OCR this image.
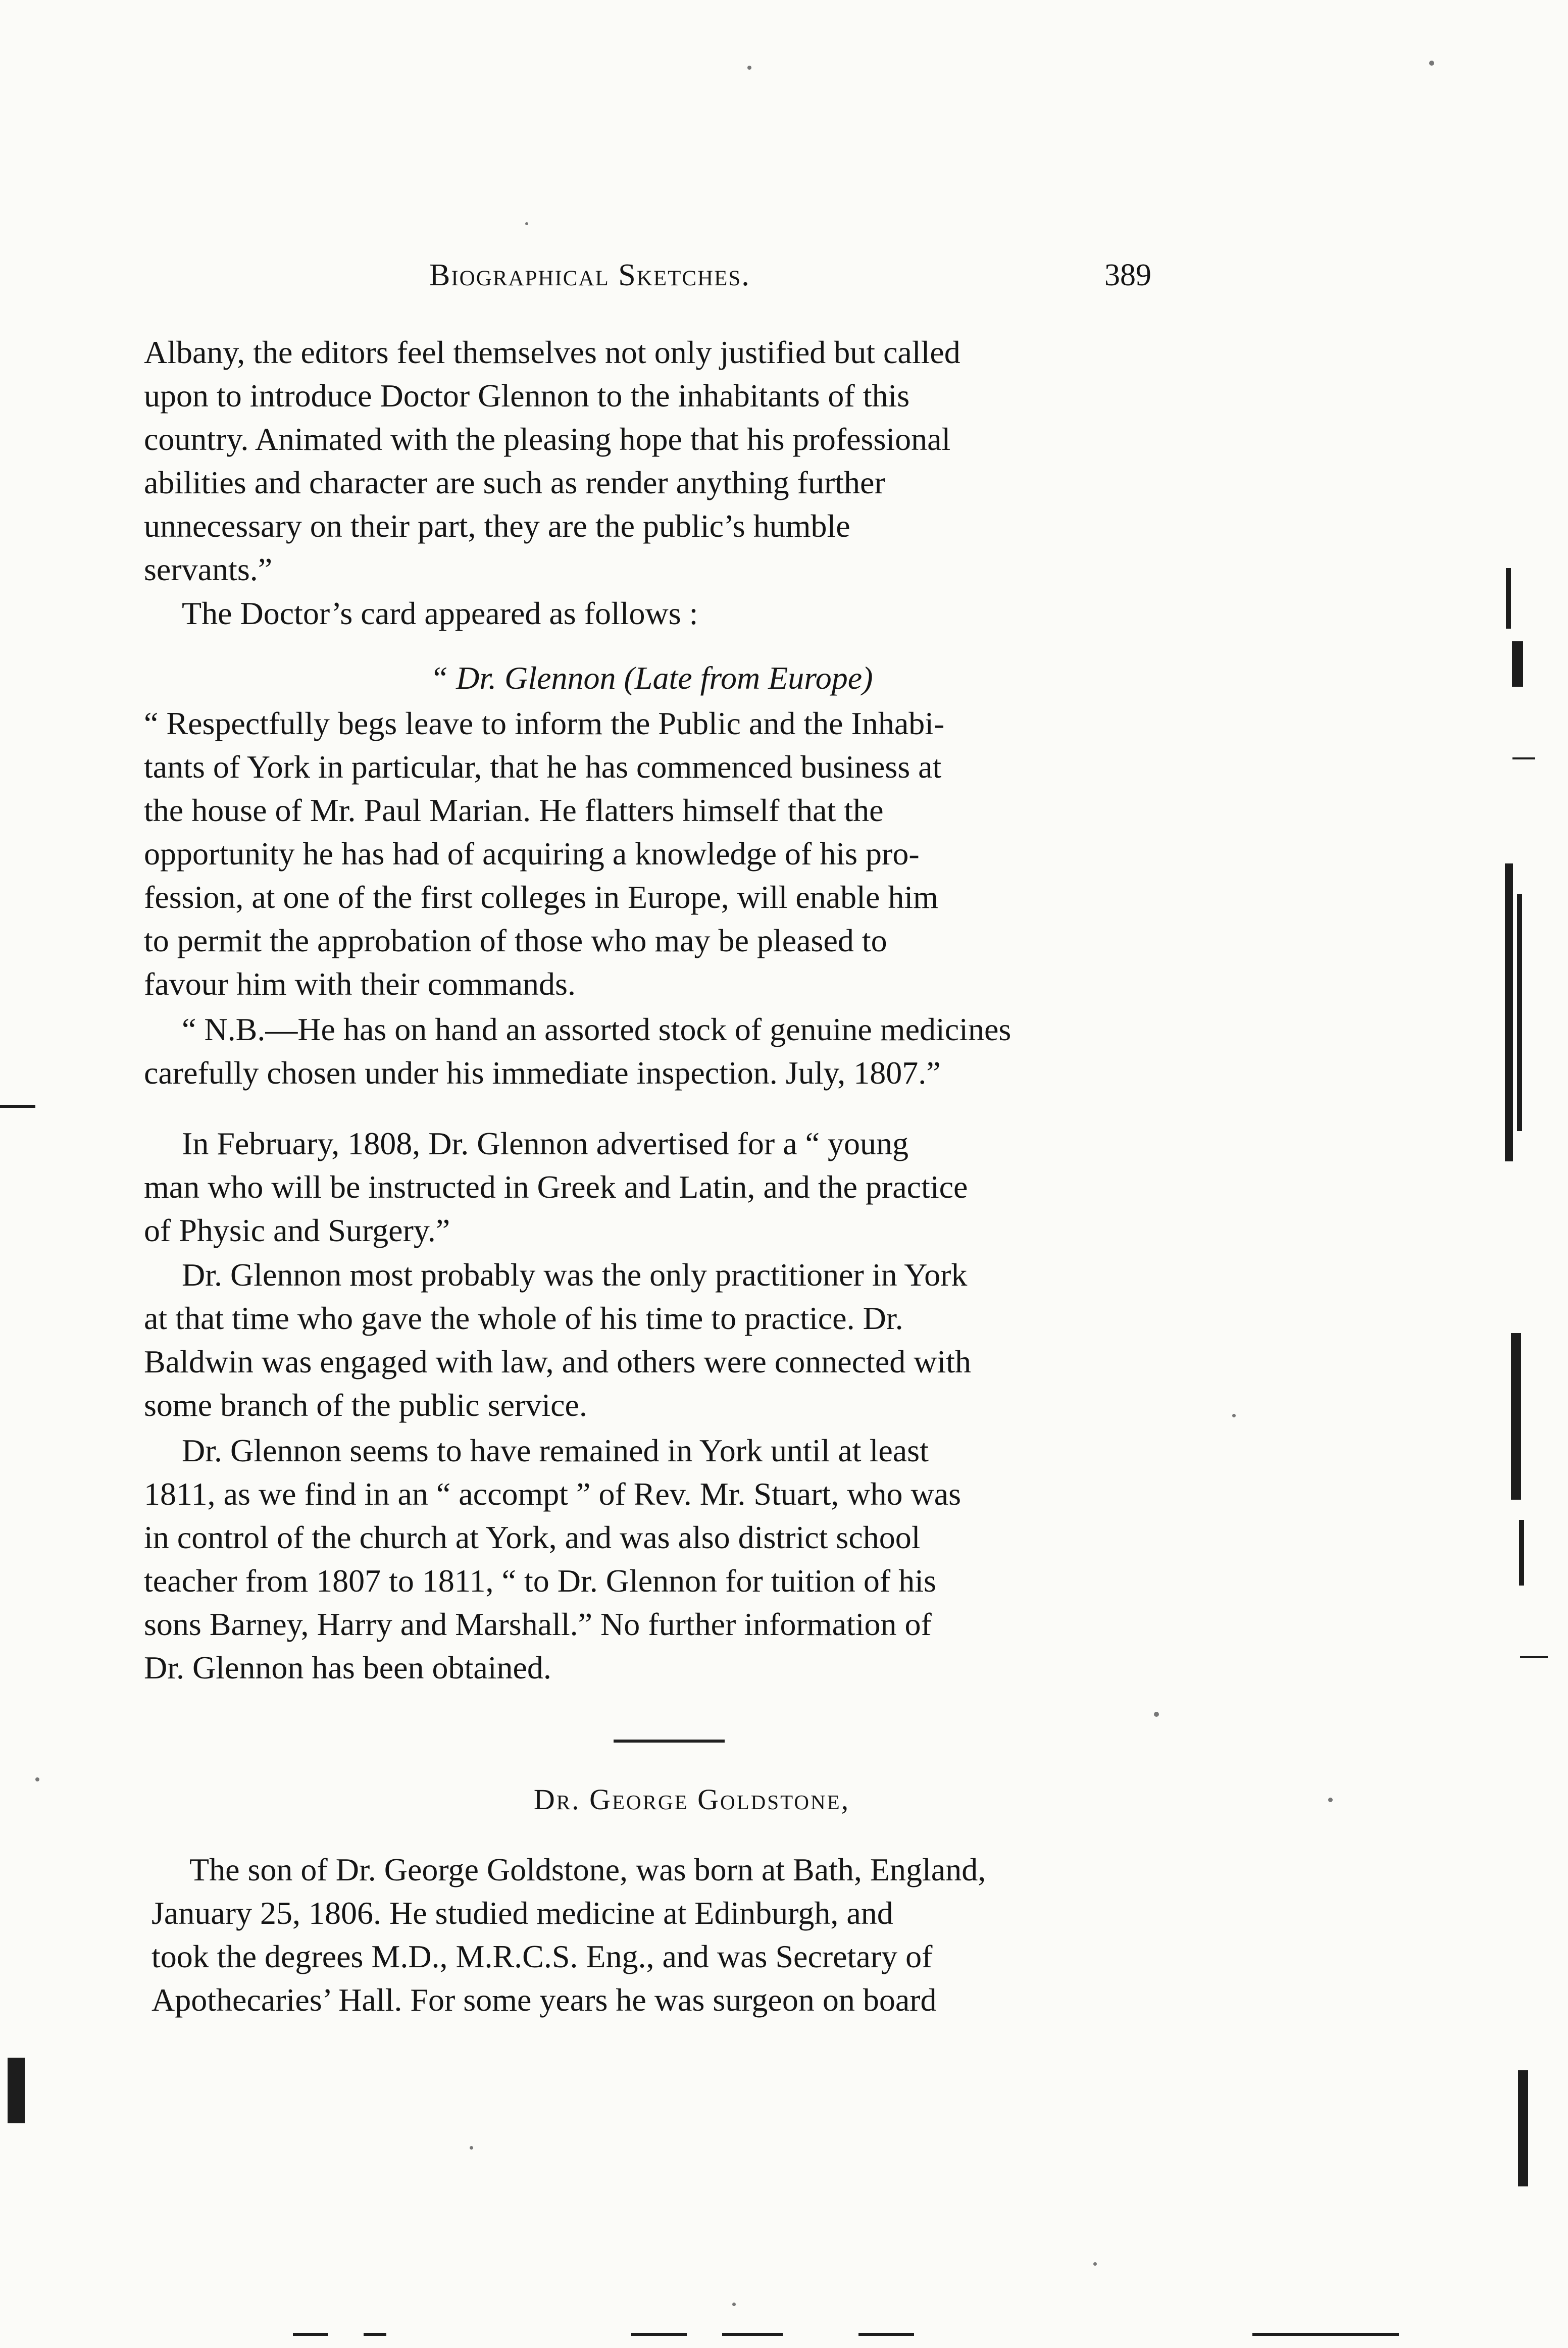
Biographical Sketches.	389

Albany, the editors feel themselves not only justified but called

upon to introduce Doctor Glennon to the inhabitants of this

country. Animated with the pleasing hope that his professional

abilities and character are such as render anything further

unnecessary on their part, they are the public’s humble

servants.”

The Doctor’s card appeared as follows :

“ Dr. Glennon (Late from Europe)

“ Respectfully begs leave to inform the Public and the Inhabi-

tants of York in particular, that he has commenced business at

the house of Mr. Paul Marian. He flatters himself that the

opportunity he has had of acquiring a knowledge of his pro-

fession, at one of the first colleges in Europe, will enable him

to permit the approbation of those who may be pleased to

favour him with their commands.

“ N.B.—He has on hand an assorted stock of genuine medicines

carefully chosen under his immediate inspection. July, 1807.”

In February, 1808, Dr. Glennon advertised for a “ young

man who will be instructed in Greek and Latin, and the practice

of Physic and Surgery.”

Dr. Glennon most probably was the only practitioner in York

at that time who gave the whole of his time to practice. Dr.

Baldwin was engaged with law, and others were connected with

some branch of the public service.

Dr. Glennon seems to have remained in York until at least

1811, as we find in an “ accompt ” of Rev. Mr. Stuart, who was

in control of the church at York, and was also district school

teacher from 1807 to 1811, “ to Dr. Glennon for tuition of his

sons Barney, Harry and Marshall.” No further information of

Dr. Glennon has been obtained.

Dr. George Goldstone,

The son of Dr. George Goldstone, was born at Bath, England,

January 25, 1806. He studied medicine at Edinburgh, and

took the degrees M.D., M.R.C.S. Eng., and was Secretary of

Apothecaries’ Hall. For some years he was surgeon on board
